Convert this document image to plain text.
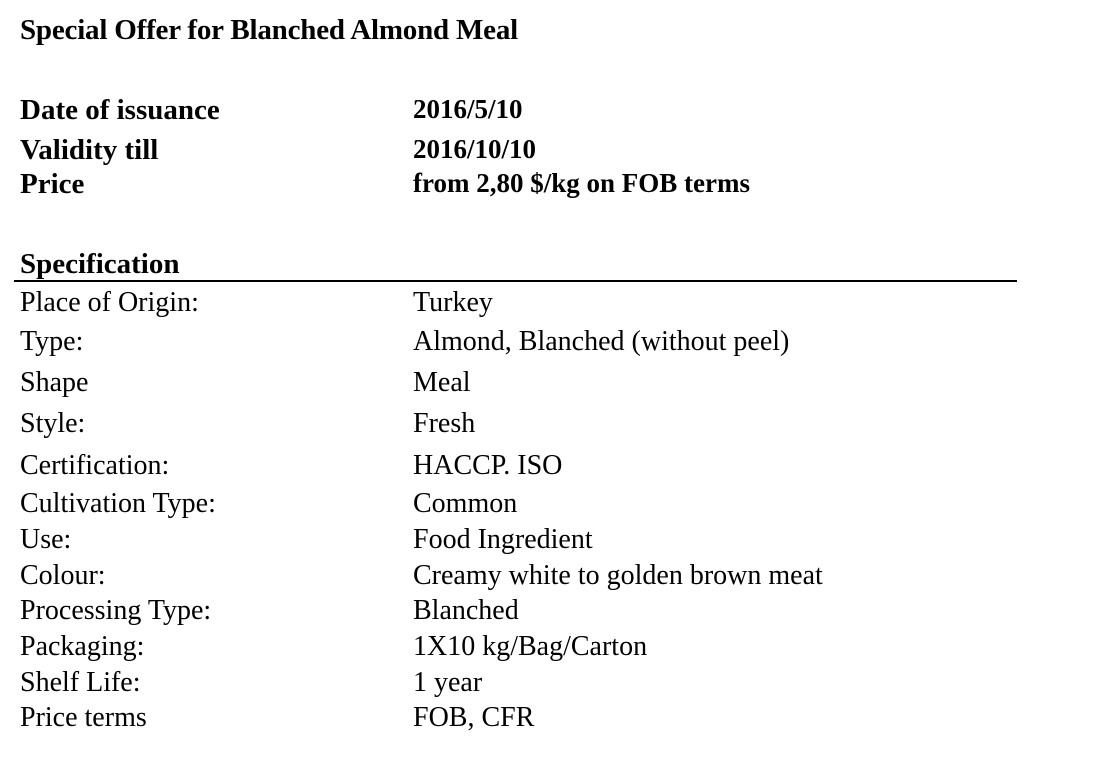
Special Offer for Blanched Almond Meal
Date of issuance	2016/5/10
Validity till	2016/10/10
Price	from 2,80 $/kg on FOB terms
Specification
Place of Origin:	Turkey
Type:	Almond, Blanched (without peel)
Shape	Meal
Style:	Fresh
Certification:	HACCP. ISO
Cultivation Type:	Common
Use:	Food Ingredient
Colour:	Creamy white to golden brown meat
Processing Type:	Blanched
Packaging:	1X10 kg/Bag/Carton
Shelf Life:	1 year
Price terms	FOB, CFR
